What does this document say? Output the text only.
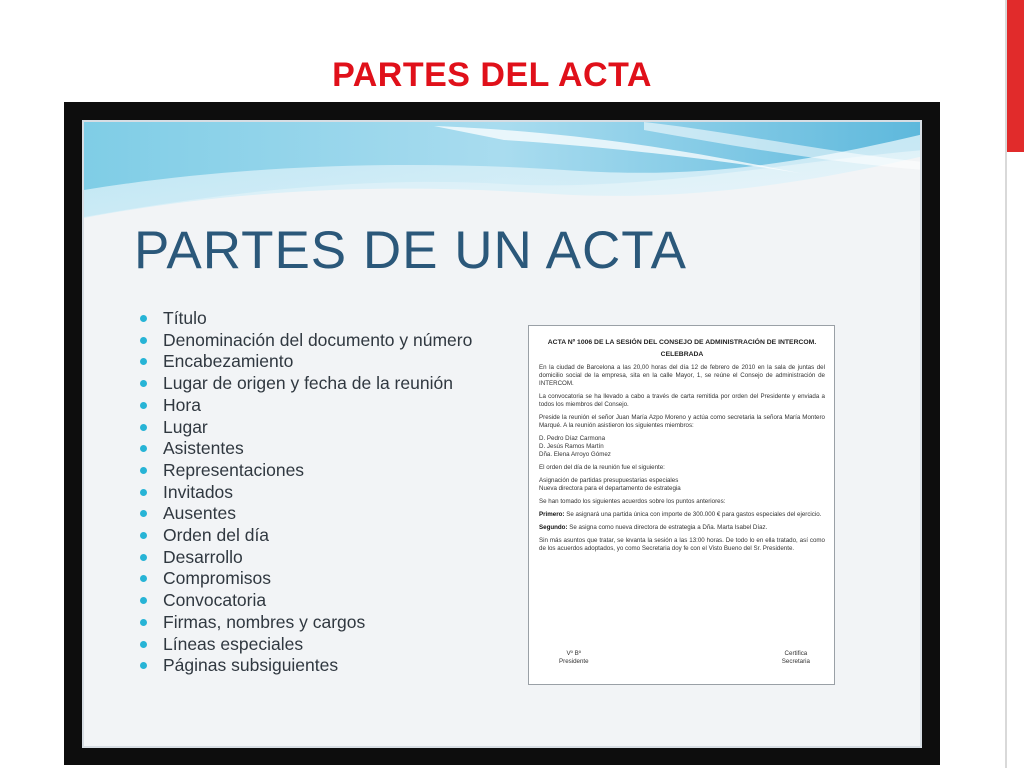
PARTES DEL ACTA
PARTES DE UN ACTA
Título
Denominación del documento y número
Encabezamiento
Lugar de origen y fecha de la reunión
Hora
Lugar
Asistentes
Representaciones
Invitados
Ausentes
Orden del día
Desarrollo
Compromisos
Convocatoria
Firmas, nombres y cargos
Líneas especiales
Páginas subsiguientes
ACTA Nº 1006 DE LA SESIÓN DEL CONSEJO DE ADMINISTRACIÓN DE INTERCOM.
CELEBRADA

En la ciudad de Barcelona a las 20,00 horas del día 12 de febrero de 2010 en la sala de juntas del domicilio social de la empresa, sita en la calle Mayor, 1, se reúne el Consejo de administración de INTERCOM.

La convocatoria se ha llevado a cabo a través de carta remitida por orden del Presidente y enviada a todos los miembros del Consejo.

Preside la reunión el señor Juan María Azpo Moreno y actúa como secretaria la señora María Montero Marqué. A la reunión asistieron los siguientes miembros:

D. Pedro Díaz Carmona
D. Jesús Ramos Martín
Dña. Elena Arroyo Gómez

El orden del día de la reunión fue el siguiente:

Asignación de partidas presupuestarias especiales
Nueva directora para el departamento de estrategia

Se han tomado los siguientes acuerdos sobre los puntos anteriores:

Primero: Se asignará una partida única con importe de 300.000 € para gastos especiales del ejercicio.

Segundo: Se asigna como nueva directora de estrategia a Dña. Marta Isabel Díaz.

Sin más asuntos que tratar, se levanta la sesión a las 13:00 horas. De todo lo en ella tratado, así como de los acuerdos adoptados, yo como Secretaria doy fe con el Visto Bueno del Sr. Presidente.

Vº Bº
Presidente
Certifica
Secretaria
